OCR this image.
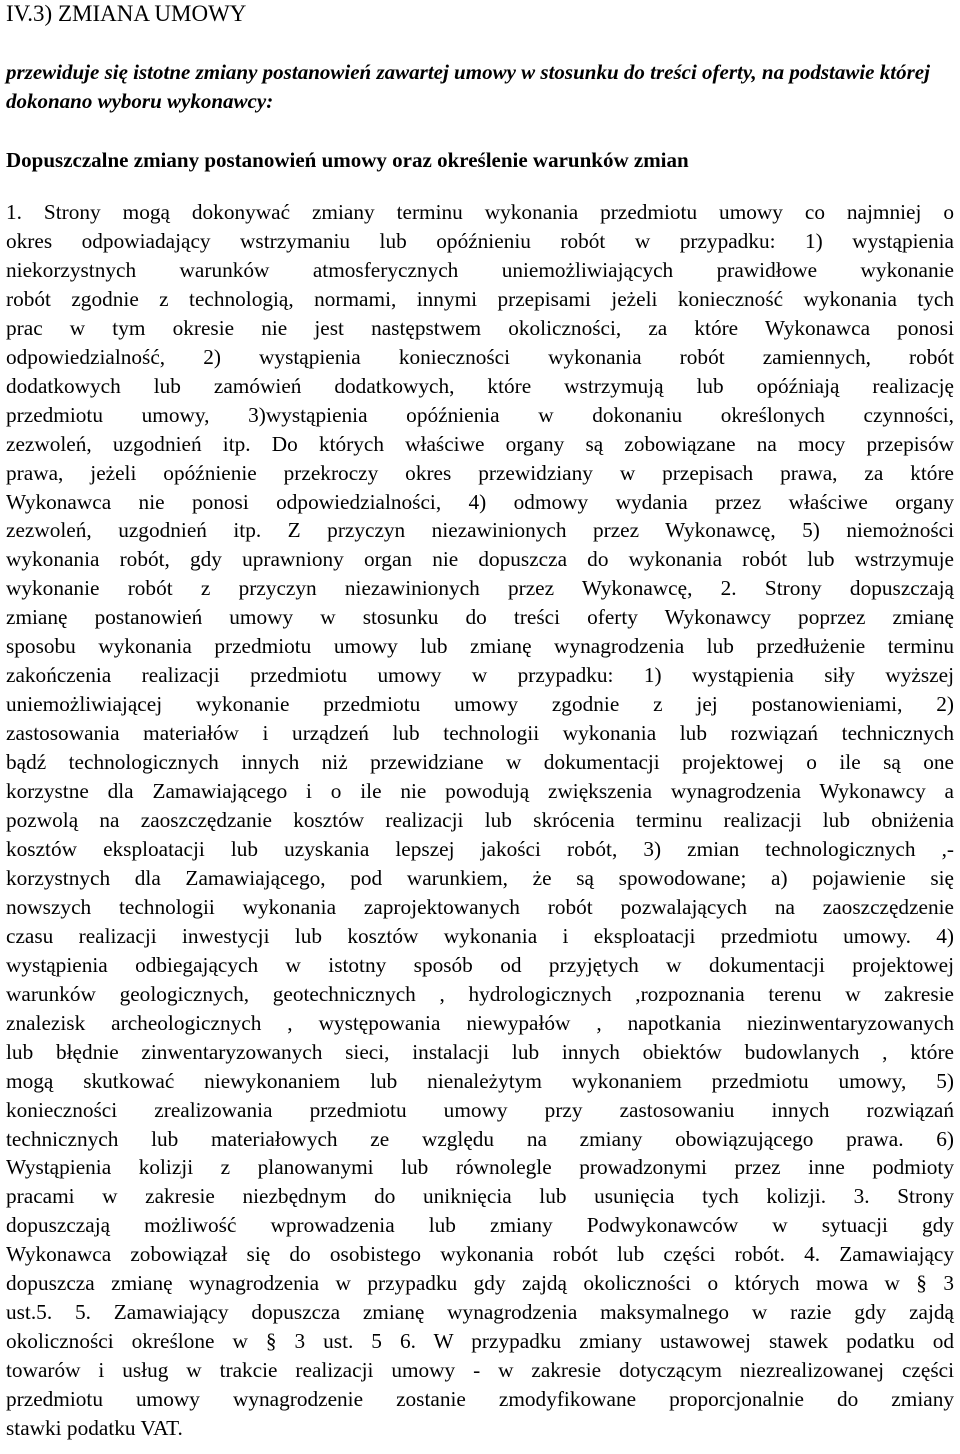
IV.3) ZMIANA UMOWY

przewiduje się istotne zmiany postanowień zawartej umowy w stosunku do treści oferty, na podstawie której dokonano wyboru wykonawcy:

Dopuszczalne zmiany postanowień umowy oraz określenie warunków zmian

1. Strony mogą dokonywać zmiany terminu wykonania przedmiotu umowy co najmniej o
okres odpowiadający wstrzymaniu lub opóźnieniu robót w przypadku: 1) wystąpienia
niekorzystnych warunków atmosferycznych uniemożliwiających prawidłowe wykonanie
robót zgodnie z technologią, normami, innymi przepisami jeżeli konieczność wykonania tych
prac w tym okresie nie jest następstwem okoliczności, za które Wykonawca ponosi
odpowiedzialność, 2) wystąpienia konieczności wykonania robót zamiennych, robót
dodatkowych lub zamówień dodatkowych, które wstrzymują lub opóźniają realizację
przedmiotu umowy, 3)wystąpienia opóźnienia w dokonaniu określonych czynności,
zezwoleń, uzgodnień itp. Do których właściwe organy są zobowiązane na mocy przepisów
prawa, jeżeli opóźnienie przekroczy okres przewidziany w przepisach prawa, za które
Wykonawca nie ponosi odpowiedzialności, 4) odmowy wydania przez właściwe organy
zezwoleń, uzgodnień itp. Z przyczyn niezawinionych przez Wykonawcę, 5) niemożności
wykonania robót, gdy uprawniony organ nie dopuszcza do wykonania robót lub wstrzymuje
wykonanie robót z przyczyn niezawinionych przez Wykonawcę, 2. Strony dopuszczają
zmianę postanowień umowy w stosunku do treści oferty Wykonawcy poprzez zmianę
sposobu wykonania przedmiotu umowy lub zmianę wynagrodzenia lub przedłużenie terminu
zakończenia realizacji przedmiotu umowy w przypadku: 1) wystąpienia siły wyższej
uniemożliwiającej wykonanie przedmiotu umowy zgodnie z jej postanowieniami, 2)
zastosowania materiałów i urządzeń lub technologii wykonania lub rozwiązań technicznych
bądź technologicznych innych niż przewidziane w dokumentacji projektowej o ile są one
korzystne dla Zamawiającego i o ile nie powodują zwiększenia wynagrodzenia Wykonawcy a
pozwolą na zaoszczędzanie kosztów realizacji lub skrócenia terminu realizacji lub obniżenia
kosztów eksploatacji lub uzyskania lepszej jakości robót, 3) zmian technologicznych ,-
korzystnych dla Zamawiającego, pod warunkiem, że są spowodowane; a) pojawienie się
nowszych technologii wykonania zaprojektowanych robót pozwalających na zaoszczędzenie
czasu realizacji inwestycji lub kosztów wykonania i eksploatacji przedmiotu umowy. 4)
wystąpienia odbiegających w istotny sposób od przyjętych w dokumentacji projektowej
warunków geologicznych, geotechnicznych , hydrologicznych ,rozpoznania terenu w zakresie
znalezisk archeologicznych , występowania niewypałów , napotkania niezinwentaryzowanych
lub błędnie zinwentaryzowanych sieci, instalacji lub innych obiektów budowlanych , które
mogą skutkować niewykonaniem lub nienależytym wykonaniem przedmiotu umowy, 5)
konieczności zrealizowania przedmiotu umowy przy zastosowaniu innych rozwiązań
technicznych lub materiałowych ze względu na zmiany obowiązującego prawa. 6)
Wystąpienia kolizji z planowanymi lub równolegle prowadzonymi przez inne podmioty
pracami w zakresie niezbędnym do uniknięcia lub usunięcia tych kolizji. 3. Strony
dopuszczają możliwość wprowadzenia lub zmiany Podwykonawców w sytuacji gdy
Wykonawca zobowiązał się do osobistego wykonania robót lub części robót. 4. Zamawiający
dopuszcza zmianę wynagrodzenia w przypadku gdy zajdą okoliczności o których mowa w § 3
ust.5. 5. Zamawiający dopuszcza zmianę wynagrodzenia maksymalnego w razie gdy zajdą
okoliczności określone w § 3 ust. 5 6. W przypadku zmiany ustawowej stawek podatku od
towarów i usług w trakcie realizacji umowy - w zakresie dotyczącym niezrealizowanej części
przedmiotu umowy wynagrodzenie zostanie zmodyfikowane proporcjonalnie do zmiany
stawki podatku VAT.
